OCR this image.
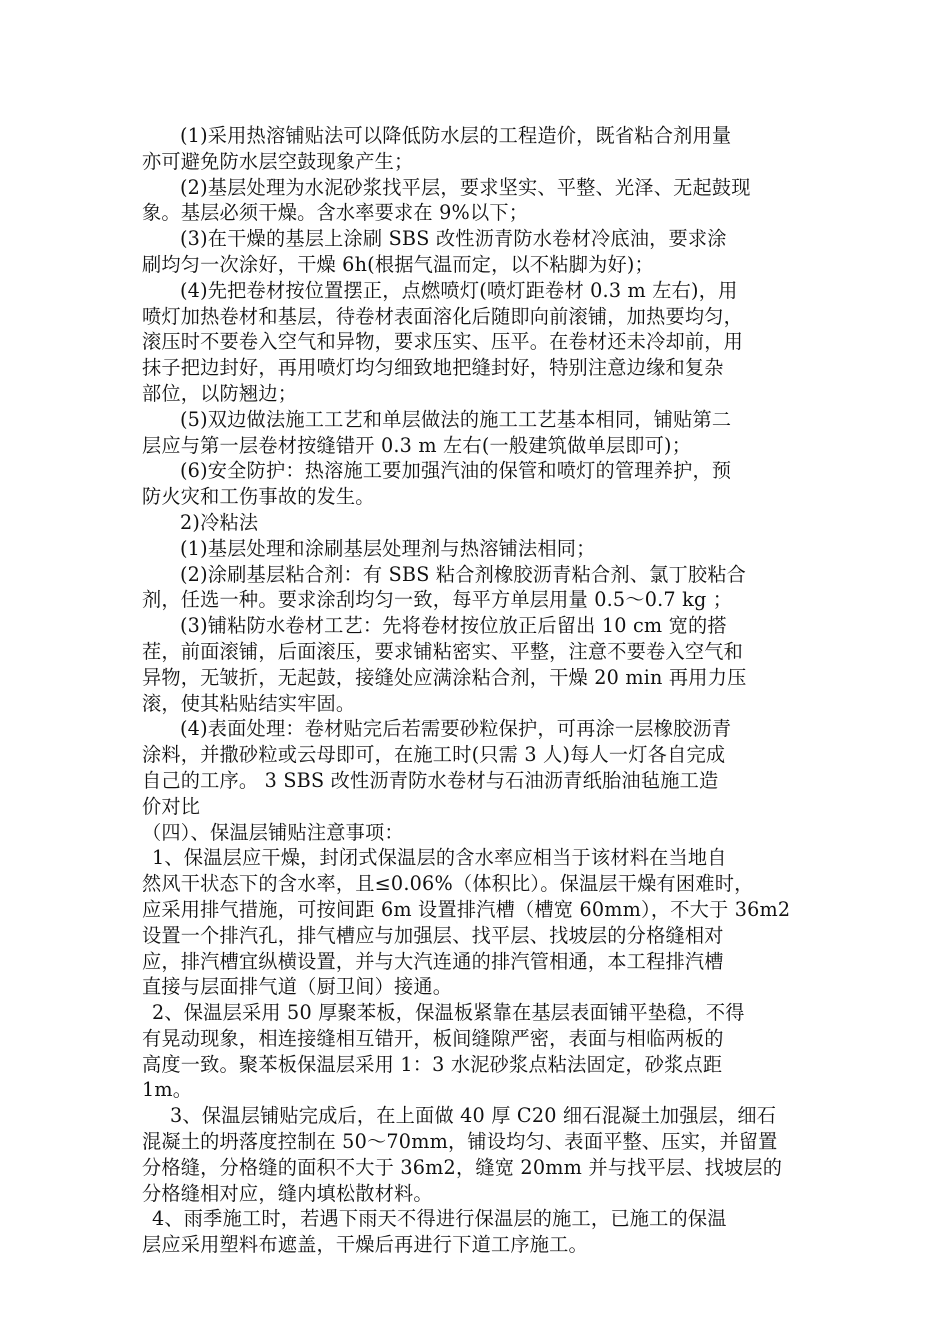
(1)采用热溶铺贴法可以降低防水层的工程造价，既省粘合剂用量
亦可避免防水层空鼓现象产生；
(2)基层处理为水泥砂浆找平层，要求坚实、平整、光泽、无起鼓现
象。基层必须干燥。含水率要求在 9%以下；
(3)在干燥的基层上涂刷 SBS 改性沥青防水卷材冷底油，要求涂
刷均匀一次涂好，干燥 6h(根据气温而定，以不粘脚为好)；
(4)先把卷材按位置摆正，点燃喷灯(喷灯距卷材 0.3 m 左右)，用
喷灯加热卷材和基层，待卷材表面溶化后随即向前滚铺，加热要均匀，
滚压时不要卷入空气和异物，要求压实、压平。在卷材还未冷却前，用
抹子把边封好，再用喷灯均匀细致地把缝封好，特别注意边缘和复杂
部位，以防翘边；
(5)双边做法施工工艺和单层做法的施工工艺基本相同，铺贴第二
层应与第一层卷材按缝错开 0.3 m 左右(一般建筑做单层即可)；
(6)安全防护：热溶施工要加强汽油的保管和喷灯的管理养护，预
防火灾和工伤事故的发生。
2)冷粘法
(1)基层处理和涂刷基层处理剂与热溶铺法相同；
(2)涂刷基层粘合剂：有 SBS 粘合剂橡胶沥青粘合剂、氯丁胶粘合
剂，任选一种。要求涂刮均匀一致，每平方单层用量 0.5～0.7 kg ；
(3)铺粘防水卷材工艺：先将卷材按位放正后留出 10 cm 宽的搭
茬，前面滚铺，后面滚压，要求铺粘密实、平整，注意不要卷入空气和
异物，无皱折，无起鼓，接缝处应满涂粘合剂，干燥 20 min 再用力压
滚，使其粘贴结实牢固。
(4)表面处理：卷材贴完后若需要砂粒保护，可再涂一层橡胶沥青
涂料，并撒砂粒或云母即可，在施工时(只需 3 人)每人一灯各自完成
自己的工序。 3 SBS 改性沥青防水卷材与石油沥青纸胎油毡施工造
价对比
（四）、保温层铺贴注意事项：
1、保温层应干燥，封闭式保温层的含水率应相当于该材料在当地自
然风干状态下的含水率，且≤0.06%（体积比）。保温层干燥有困难时，
应采用排气措施，可按间距 6m 设置排汽槽（槽宽 60mm），不大于 36m2
设置一个排汽孔，排气槽应与加强层、找平层、找坡层的分格缝相对
应，排汽槽宜纵横设置，并与大汽连通的排汽管相通，本工程排汽槽
直接与层面排气道（厨卫间）接通。
2、保温层采用 50 厚聚苯板，保温板紧靠在基层表面铺平垫稳，不得
有晃动现象，相连接缝相互错开，板间缝隙严密，表面与相临两板的
高度一致。聚苯板保温层采用 1：3 水泥砂浆点粘法固定，砂浆点距
1m。
3、保温层铺贴完成后，在上面做 40 厚 C20 细石混凝土加强层，细石
混凝土的坍落度控制在 50～70mm，铺设均匀、表面平整、压实，并留置
分格缝，分格缝的面积不大于 36m2，缝宽 20mm 并与找平层、找坡层的
分格缝相对应，缝内填松散材料。
4、雨季施工时，若遇下雨天不得进行保温层的施工，已施工的保温
层应采用塑料布遮盖，干燥后再进行下道工序施工。
